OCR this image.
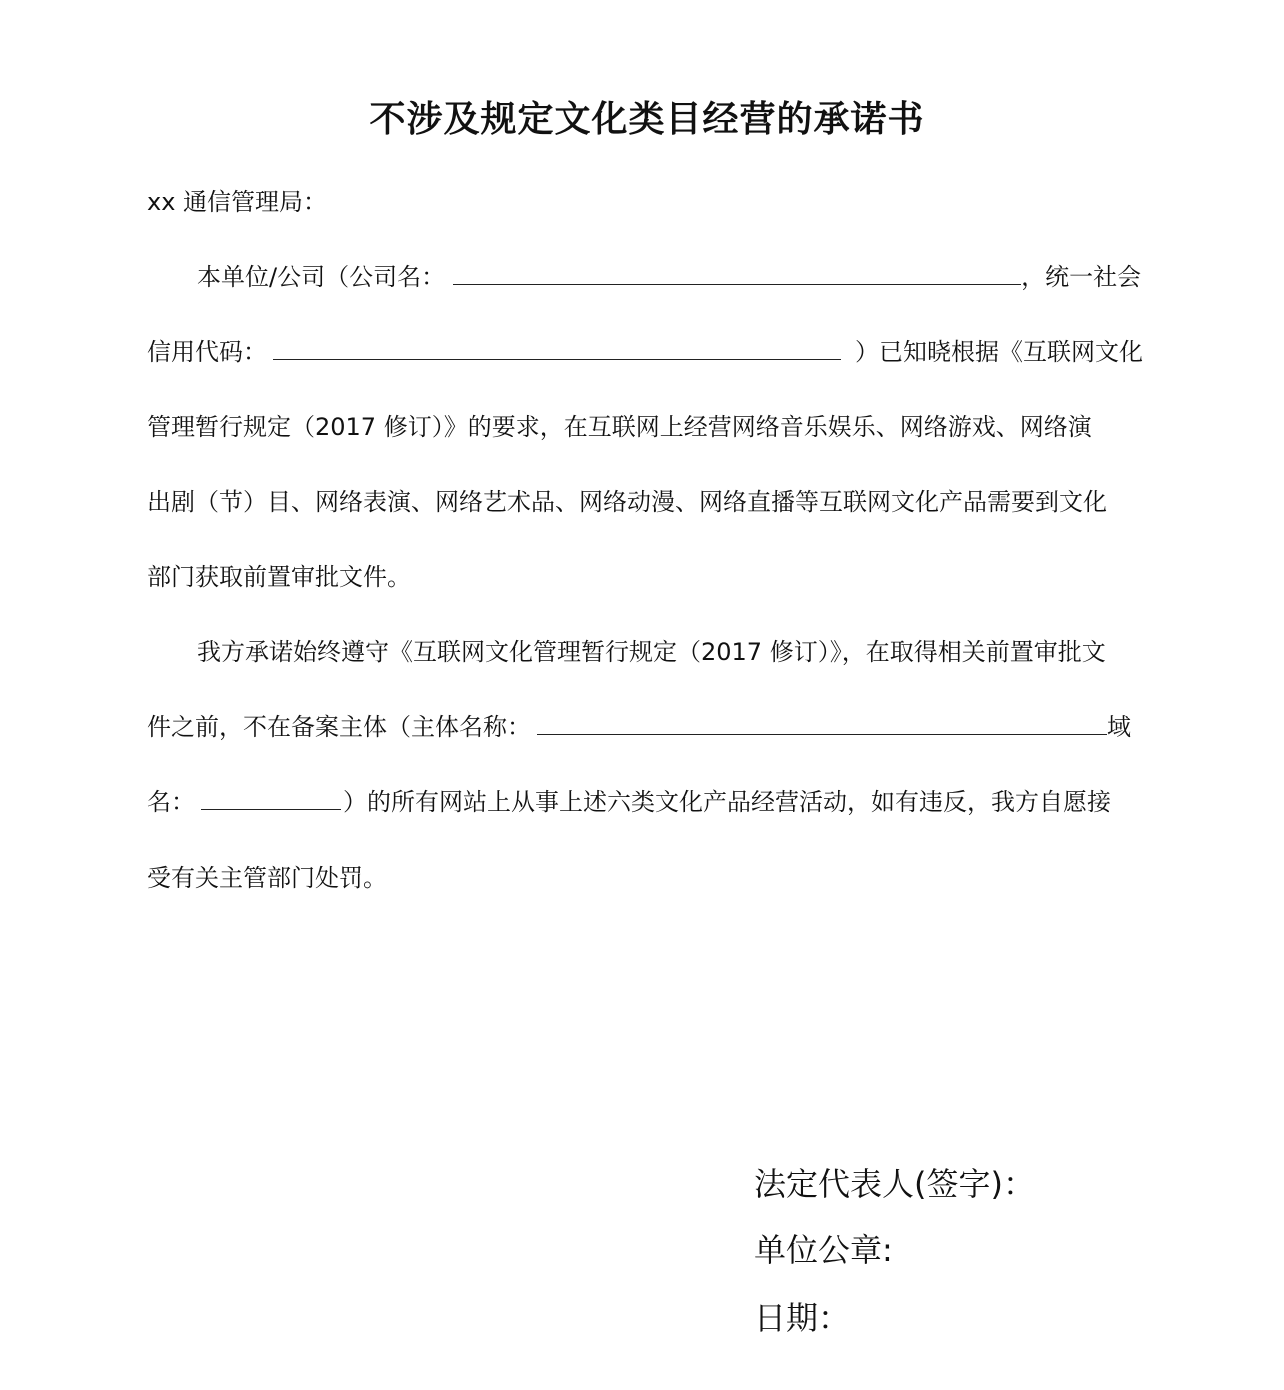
不涉及规定文化类目经营的承诺书
xx 通信管理局：
本单位/公司（公司名：	，统一社会
信用代码：	）已知晓根据《互联网文化
管理暂行规定（2017 修订）》的要求，在互联网上经营网络音乐娱乐、网络游戏、网络演
出剧（节）目、网络表演、网络艺术品、网络动漫、网络直播等互联网文化产品需要到文化
部门获取前置审批文件。
我方承诺始终遵守《互联网文化管理暂行规定（2017 修订）》，在取得相关前置审批文
件之前，不在备案主体（主体名称：	域
名：	）的所有网站上从事上述六类文化产品经营活动，如有违反，我方自愿接
受有关主管部门处罚。
法定代表人(签字)：
单位公章:
日期：
